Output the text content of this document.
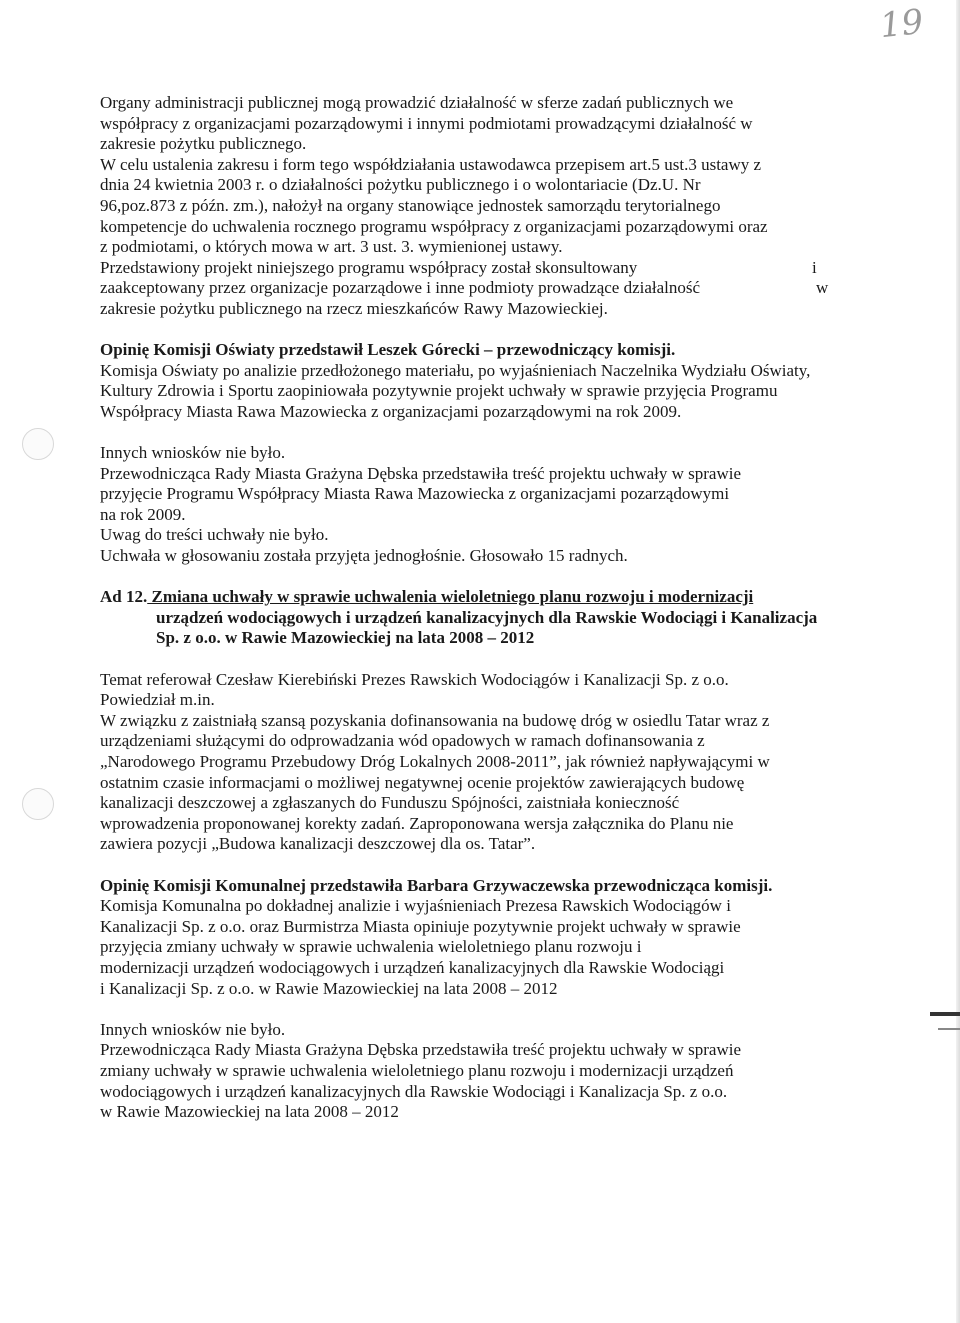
19
Organy administracji publicznej mogą prowadzić działalność w sferze zadań publicznych we
współpracy z organizacjami pozarządowymi i innymi podmiotami prowadzącymi działalność w
zakresie pożytku publicznego.
W celu ustalenia zakresu i form tego współdziałania ustawodawca przepisem art.5 ust.3 ustawy z
dnia 24 kwietnia 2003 r. o działalności pożytku publicznego i o wolontariacie (Dz.U. Nr
96,poz.873 z późn. zm.), nałożył na organy stanowiące jednostek samorządu terytorialnego
kompetencje do uchwalenia rocznego programu współpracy z organizacjami pozarządowymi oraz
z podmiotami, o których mowa w art. 3 ust. 3. wymienionej ustawy.
Przedstawiony projekt niniejszego programu współpracy został skonsultowany	i
zaakceptowany przez organizacje pozarządowe i inne podmioty prowadzące działalność	w
zakresie pożytku publicznego na rzecz mieszkańców Rawy Mazowieckiej.
Opinię Komisji Oświaty przedstawił Leszek Górecki – przewodniczący komisji.
Komisja Oświaty po analizie przedłożonego materiału, po wyjaśnieniach Naczelnika Wydziału Oświaty,
Kultury Zdrowia i Sportu zaopiniowała pozytywnie projekt uchwały w sprawie przyjęcia Programu
Współpracy Miasta Rawa Mazowiecka z organizacjami pozarządowymi na rok 2009.
Innych wniosków nie było.
Przewodnicząca Rady Miasta Grażyna Dębska przedstawiła treść projektu uchwały w sprawie
przyjęcie Programu Współpracy Miasta Rawa Mazowiecka z organizacjami pozarządowymi
na rok 2009.
Uwag do treści uchwały nie było.
Uchwała w głosowaniu została przyjęta jednogłośnie. Głosowało 15 radnych.
Ad 12. Zmiana uchwały w sprawie uchwalenia wieloletniego planu rozwoju i modernizacji
urządzeń wodociągowych i urządzeń kanalizacyjnych dla Rawskie Wodociągi i Kanalizacja
Sp. z o.o. w Rawie Mazowieckiej na lata 2008 – 2012
Temat referował Czesław Kierebiński Prezes Rawskich Wodociągów i Kanalizacji Sp. z o.o.
Powiedział m.in.
W związku z zaistniałą szansą pozyskania dofinansowania na budowę dróg w osiedlu Tatar wraz z
urządzeniami służącymi do odprowadzania wód opadowych w ramach dofinansowania z
„Narodowego Programu Przebudowy Dróg Lokalnych 2008-2011”, jak również napływającymi w
ostatnim czasie informacjami o możliwej negatywnej ocenie projektów zawierających budowę
kanalizacji deszczowej a zgłaszanych do Funduszu Spójności, zaistniała konieczność
wprowadzenia proponowanej korekty zadań. Zaproponowana wersja załącznika do Planu nie
zawiera pozycji „Budowa kanalizacji deszczowej dla os. Tatar”.
Opinię Komisji Komunalnej przedstawiła Barbara Grzywaczewska przewodnicząca komisji.
Komisja Komunalna po dokładnej analizie i wyjaśnieniach Prezesa Rawskich Wodociągów i
Kanalizacji Sp. z o.o. oraz Burmistrza Miasta opiniuje pozytywnie projekt uchwały w sprawie
przyjęcia zmiany uchwały w sprawie uchwalenia wieloletniego planu rozwoju i
modernizacji urządzeń wodociągowych i urządzeń kanalizacyjnych dla Rawskie Wodociągi
i Kanalizacji Sp. z o.o. w Rawie Mazowieckiej na lata 2008 – 2012
Innych wniosków nie było.
Przewodnicząca Rady Miasta Grażyna Dębska przedstawiła treść projektu uchwały w sprawie
zmiany uchwały w sprawie uchwalenia wieloletniego planu rozwoju i modernizacji urządzeń
wodociągowych i urządzeń kanalizacyjnych dla Rawskie Wodociągi i Kanalizacja Sp. z o.o.
w Rawie Mazowieckiej na lata 2008 – 2012
